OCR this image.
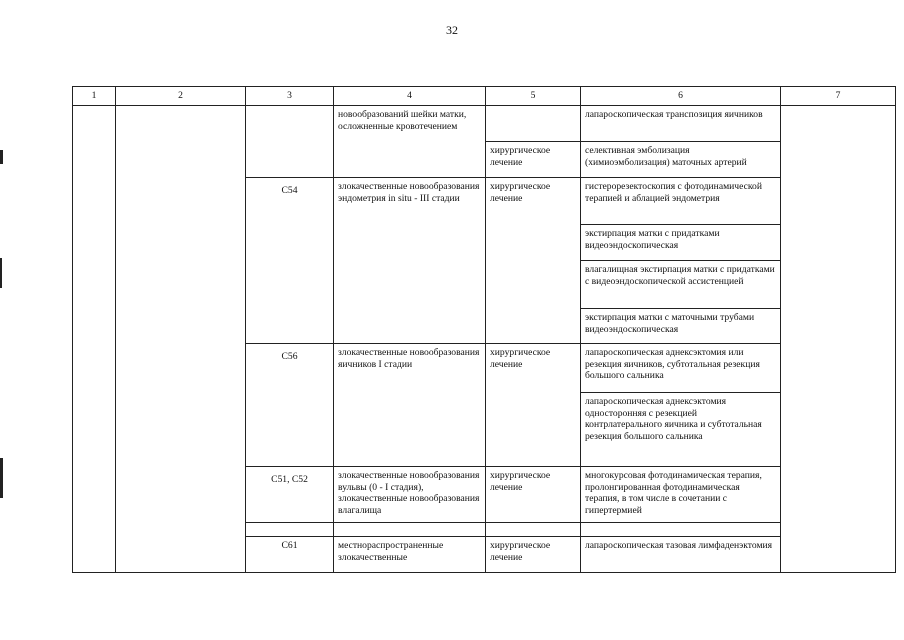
32
1	2	3	4	5	6	7
			новообразований шейки матки, осложненные кровотечением		лапароскопическая транспозиция яичников	
				хирургическое лечение	селективная эмболизация (химиоэмболизация) маточных артерий	
		C54	злокачественные новообразования эндометрия in situ - III стадии	хирургическое лечение	гистерорезектоскопия с фотодинамической терапией и аблацией эндометрия	
					экстирпация матки с придатками видеоэндоскопическая	
					влагалищная экстирпация матки с придатками с видеоэндоскопической ассистенцией	
					экстирпация матки с маточными трубами видеоэндоскопическая	
		C56	злокачественные новообразования яичников I стадии	хирургическое лечение	лапароскопическая аднексэктомия или резекция яичников, субтотальная резекция большого сальника	
					лапароскопическая аднексэктомия односторонняя с резекцией контрлатерального яичника и субтотальная резекция большого сальника	
		C51, C52	злокачественные новообразования вульвы (0 - I стадия), злокачественные новообразования влагалища	хирургическое лечение	многокурсовая фотодинамическая терапия, пролонгированная фотодинамическая терапия, в том числе в сочетании с гипертермией	

		C61	местнораспространенные злокачественные	хирургическое лечение	лапароскопическая тазовая лимфаденэктомия	
